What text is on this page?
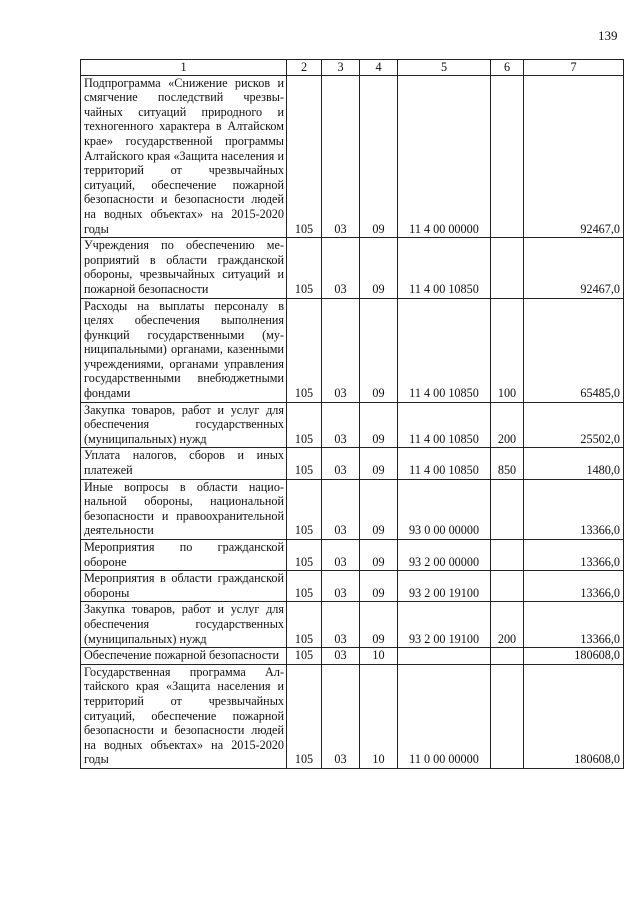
139
1	2	3	4	5	6	7
Подпрограмма «Снижение рисков и смягчение последствий чрезвычайных ситуаций природного и техногенного характера в Алтайском крае» государственной программы Алтайского края «Защита населения и территорий от чрезвычайных ситуаций, обеспечение пожарной безопасности и безопасности людей на водных объектах» на 2015-2020 годы	105	03	09	11 4 00 00000		92467,0
Учреждения по обеспечению мероприятий в области гражданской обороны, чрезвычайных ситуаций и пожарной безопасности	105	03	09	11 4 00 10850		92467,0
Расходы на выплаты персоналу в целях обеспечения выполнения функций государственными (муниципальными) органами, казенными учреждениями, органами управления государственными внебюджетными фондами	105	03	09	11 4 00 10850	100	65485,0
Закупка товаров, работ и услуг для обеспечения государственных (муниципальных) нужд	105	03	09	11 4 00 10850	200	25502,0
Уплата налогов, сборов и иных платежей	105	03	09	11 4 00 10850	850	1480,0
Иные вопросы в области национальной обороны, национальной безопасности и правоохранительной деятельности	105	03	09	93 0 00 00000		13366,0
Мероприятия по гражданской обороне	105	03	09	93 2 00 00000		13366,0
Мероприятия в области гражданской обороны	105	03	09	93 2 00 19100		13366,0
Закупка товаров, работ и услуг для обеспечения государственных (муниципальных) нужд	105	03	09	93 2 00 19100	200	13366,0
Обеспечение пожарной безопасности	105	03	10			180608,0
Государственная программа Алтайского края «Защита населения и территорий от чрезвычайных ситуаций, обеспечение пожарной безопасности и безопасности людей на водных объектах» на 2015-2020 годы	105	03	10	11 0 00 00000		180608,0
